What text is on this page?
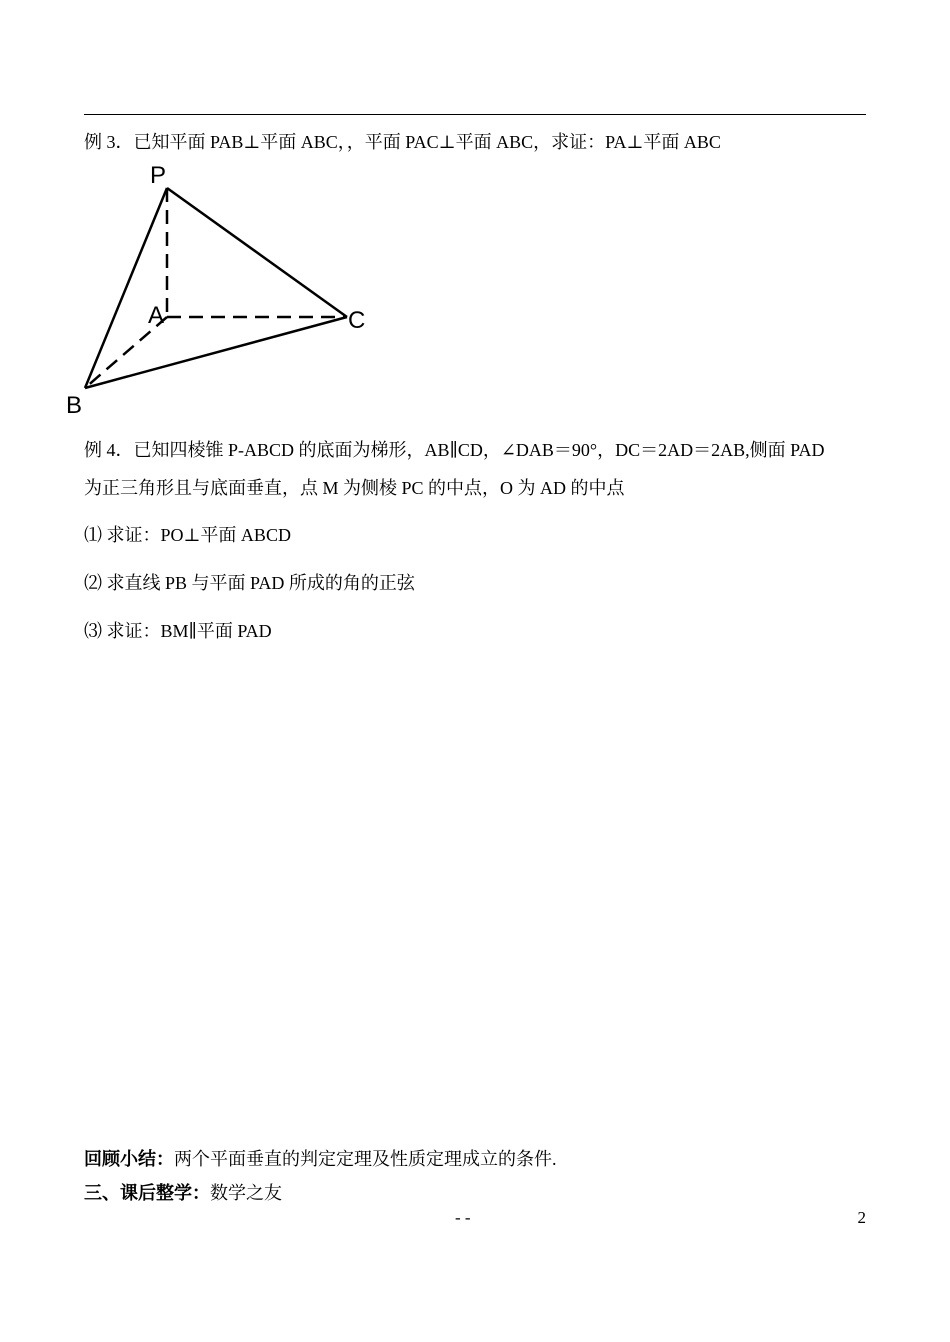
例 3．已知平面 PAB⊥平面 ABC，，平面 PAC⊥平面 ABC，求证：PA⊥平面 ABC
P
A	C
B
例 4．已知四棱锥 P-ABCD 的底面为梯形，AB∥CD，∠DAB＝90°，DC＝2AD＝2AB,侧面 PAD
为正三角形且与底面垂直，点 M 为侧棱 PC 的中点，O 为 AD 的中点
⑴ 求证：PO⊥平面 ABCD
⑵ 求直线 PB 与平面 PAD 所成的角的正弦
⑶ 求证：BM∥平面 PAD
回顾小结：两个平面垂直的判定定理及性质定理成立的条件.
三、课后整学：数学之友
- -	2
